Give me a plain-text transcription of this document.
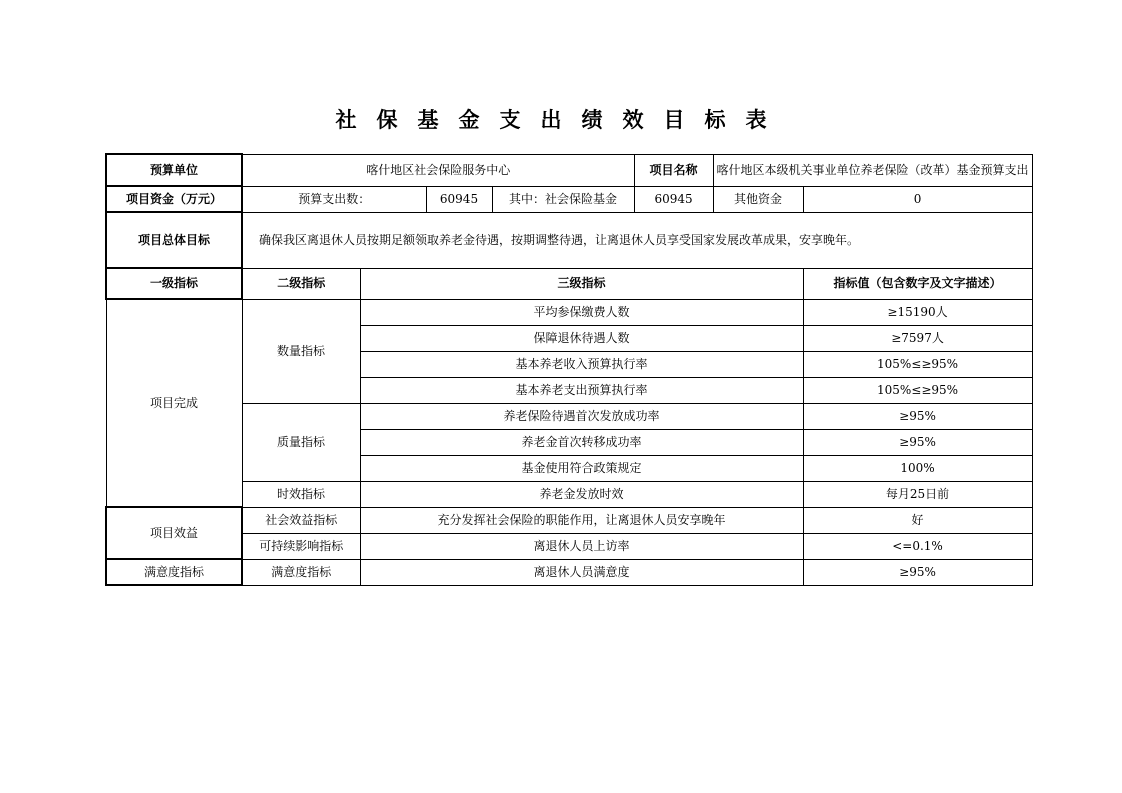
社保基金支出绩效目标表
预算单位	喀什地区社会保险服务中心				项目名称	喀什地区本级机关事业单位养老保险（改革）基金预算支出	
项目资金（万元）	预算支出数：		60945	其中：社会保险基金	60945	其他资金	0
项目总体目标	确保我区离退休人员按期足额领取养老金待遇，按期调整待遇，让离退休人员享受国家发展改革成果，安享晚年。						
一级指标	二级指标	三级指标					指标值（包含数字及文字描述）
项目完成	数量指标	平均参保缴费人数					≥15190人
		保障退休待遇人数					≥7597人
		基本养老收入预算执行率					105%≤≥95%
		基本养老支出预算执行率					105%≤≥95%
	质量指标	养老保险待遇首次发放成功率					≥95%
		养老金首次转移成功率					≥95%
		基金使用符合政策规定					100%
	时效指标	养老金发放时效					每月25日前
项目效益	社会效益指标	充分发挥社会保险的职能作用，让离退休人员安享晚年					好
	可持续影响指标	离退休人员上访率					<=0.1%
满意度指标	满意度指标	离退休人员满意度					≥95%
